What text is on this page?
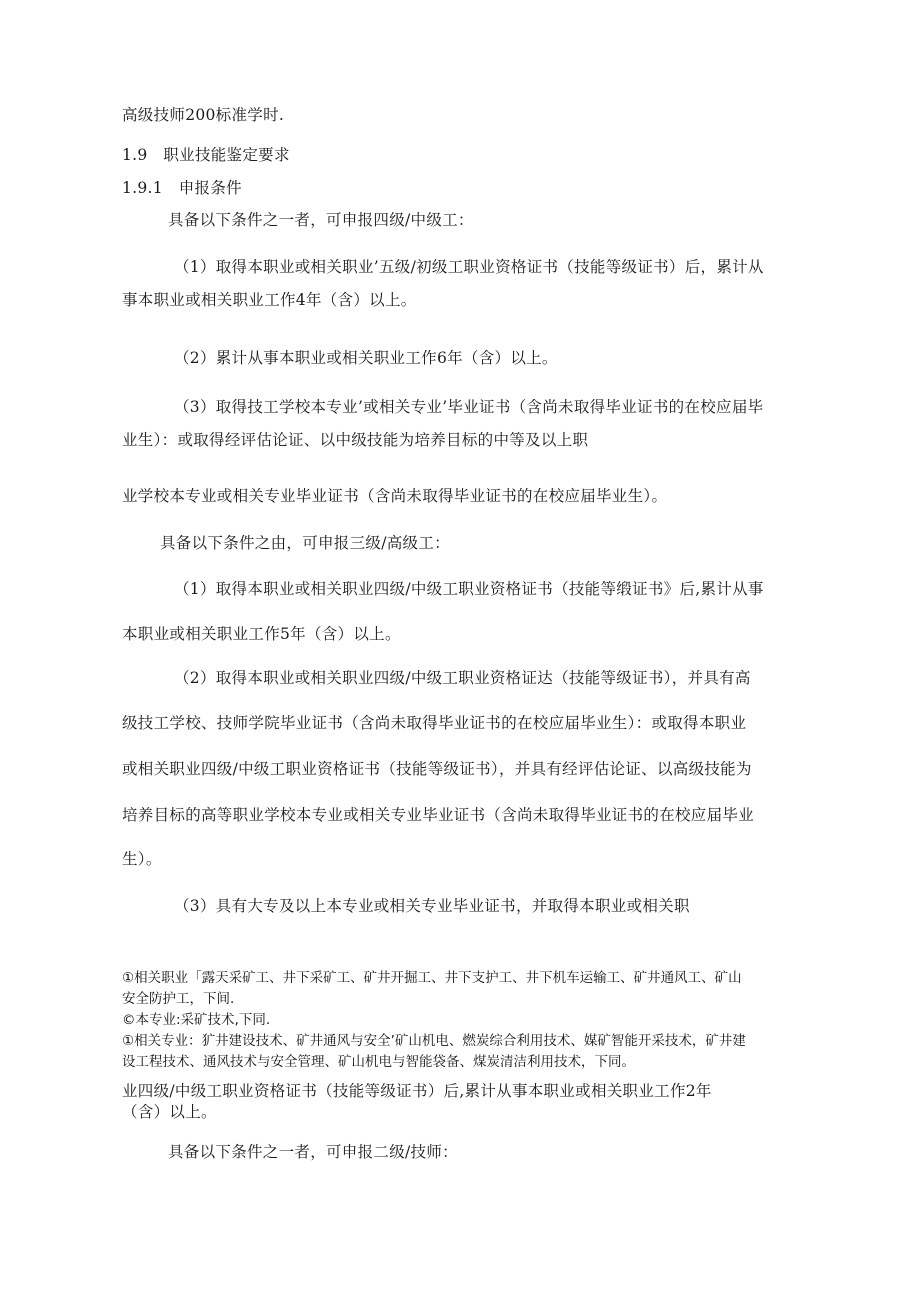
高级技师200标准学时.
1.9　职业技能鉴定要求
1.9.1　申报条件
具备以下条件之一者，可申报四级/中级工：
（1）取得本职业或相关职业’五级/初级工职业资格证书（技能等级证书）后，累计从
事本职业或相关职业工作4年（含）以上。
（2）累计从事本职业或相关职业工作6年（含）以上。
（3）取得技工学校本专业’或相关专业’毕业证书（含尚未取得毕业证书的在校应届毕
业生）：或取得经评估论证、以中级技能为培养目标的中等及以上职
业学校本专业或相关专业毕业证书（含尚未取得毕业证书的在校应届毕业生）。
具备以下条件之由，可申报三级/高级工：
（1）取得本职业或相关职业四级/中级工职业资格证书（技能等缎证书》后,累计从事
本职业或相关职业工作5年（含）以上。
（2）取得本职业或相关职业四级/中级工职业资格证达（技能等级证书），并具有高
级技工学校、技师学院毕业证书（含尚未取得毕业证书的在校应届毕业生）：或取得本职业
或相关职业四级/中级工职业资格证书（技能等级证书），并具有经评估论证、以高级技能为
培养目标的高等职业学校本专业或相关专业毕业证书（含尚未取得毕业证书的在校应届毕业
生）。
（3）具有大专及以上本专业或相关专业毕业证书，并取得本职业或相关职
①相关职业「露天采矿工、井下采矿工、矿井开掘工、井下支护工、井下机车运输工、矿井通风工、矿山
安全防护工，下间.
©本专业:采矿技术,下同.
①相关专业：犷井建设技术、矿井通风与安全’矿山机电、燃炭综合利用技术、媒矿智能开采技术，矿井建
设工程技术、通风技术与安全管理、矿山机电与智能袋备、煤炭清洁利用技术，下同。
业四级/中级工职业资格证书（技能等级证书）后,累计从事本职业或相关职业工作2年
（含）以上。
具备以下条件之一者，可申报二级/技师：
